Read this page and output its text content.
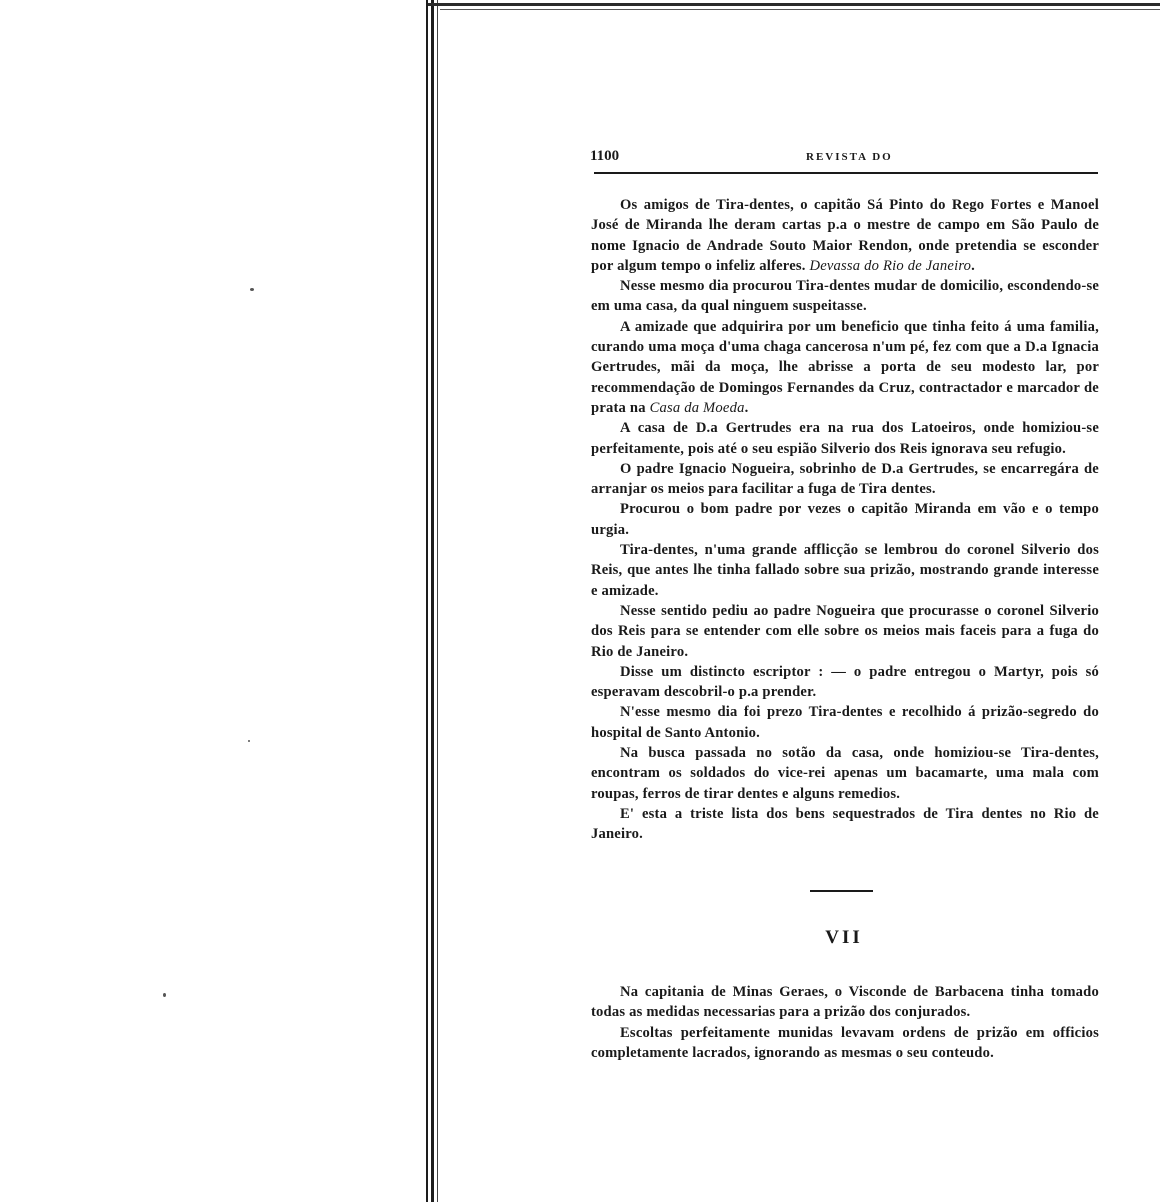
1100	REVISTA DO

Os amigos de Tira-dentes, o capitão Sá Pinto do Rego Fortes e Manoel José de Miranda lhe deram cartas p.a o mestre de campo em São Paulo de nome Ignacio de Andrade Souto Maior Rendon, onde pretendia se esconder por algum tempo o infeliz alferes. Devassa do Rio de Janeiro.

Nesse mesmo dia procurou Tira-dentes mudar de domicilio, escondendo-se em uma casa, da qual ninguem suspeitasse.

A amizade que adquirira por um beneficio que tinha feito á uma familia, curando uma moça d'uma chaga cancerosa n'um pé, fez com que a D.a Ignacia Gertrudes, mãi da moça, lhe abrisse a porta de seu modesto lar, por recommendação de Domingos Fernandes da Cruz, contractador e marcador de prata na Casa da Moeda.

A casa de D.a Gertrudes era na rua dos Latoeiros, onde homiziou-se perfeitamente, pois até o seu espião Silverio dos Reis ignorava seu refugio.

O padre Ignacio Nogueira, sobrinho de D.a Gertrudes, se encarregára de arranjar os meios para facilitar a fuga de Tira dentes.

Procurou o bom padre por vezes o capitão Miranda em vão e o tempo urgia.

Tira-dentes, n'uma grande afflicção se lembrou do coronel Silverio dos Reis, que antes lhe tinha fallado sobre sua prizão, mostrando grande interesse e amizade.

Nesse sentido pediu ao padre Nogueira que procurasse o coronel Silverio dos Reis para se entender com elle sobre os meios mais faceis para a fuga do Rio de Janeiro.

Disse um distincto escriptor : — o padre entregou o Martyr, pois só esperavam descobril-o p.a prender.

N'esse mesmo dia foi prezo Tira-dentes e recolhido á prizão-segredo do hospital de Santo Antonio.

Na busca passada no sotão da casa, onde homiziou-se Tira-dentes, encontram os soldados do vice-rei apenas um bacamarte, uma mala com roupas, ferros de tirar dentes e alguns remedios.

E' esta a triste lista dos bens sequestrados de Tira dentes no Rio de Janeiro.

VII

Na capitania de Minas Geraes, o Visconde de Barbacena tinha tomado todas as medidas necessarias para a prizão dos conjurados.

Escoltas perfeitamente munidas levavam ordens de prizão em officios completamente lacrados, ignorando as mesmas o seu conteudo.
